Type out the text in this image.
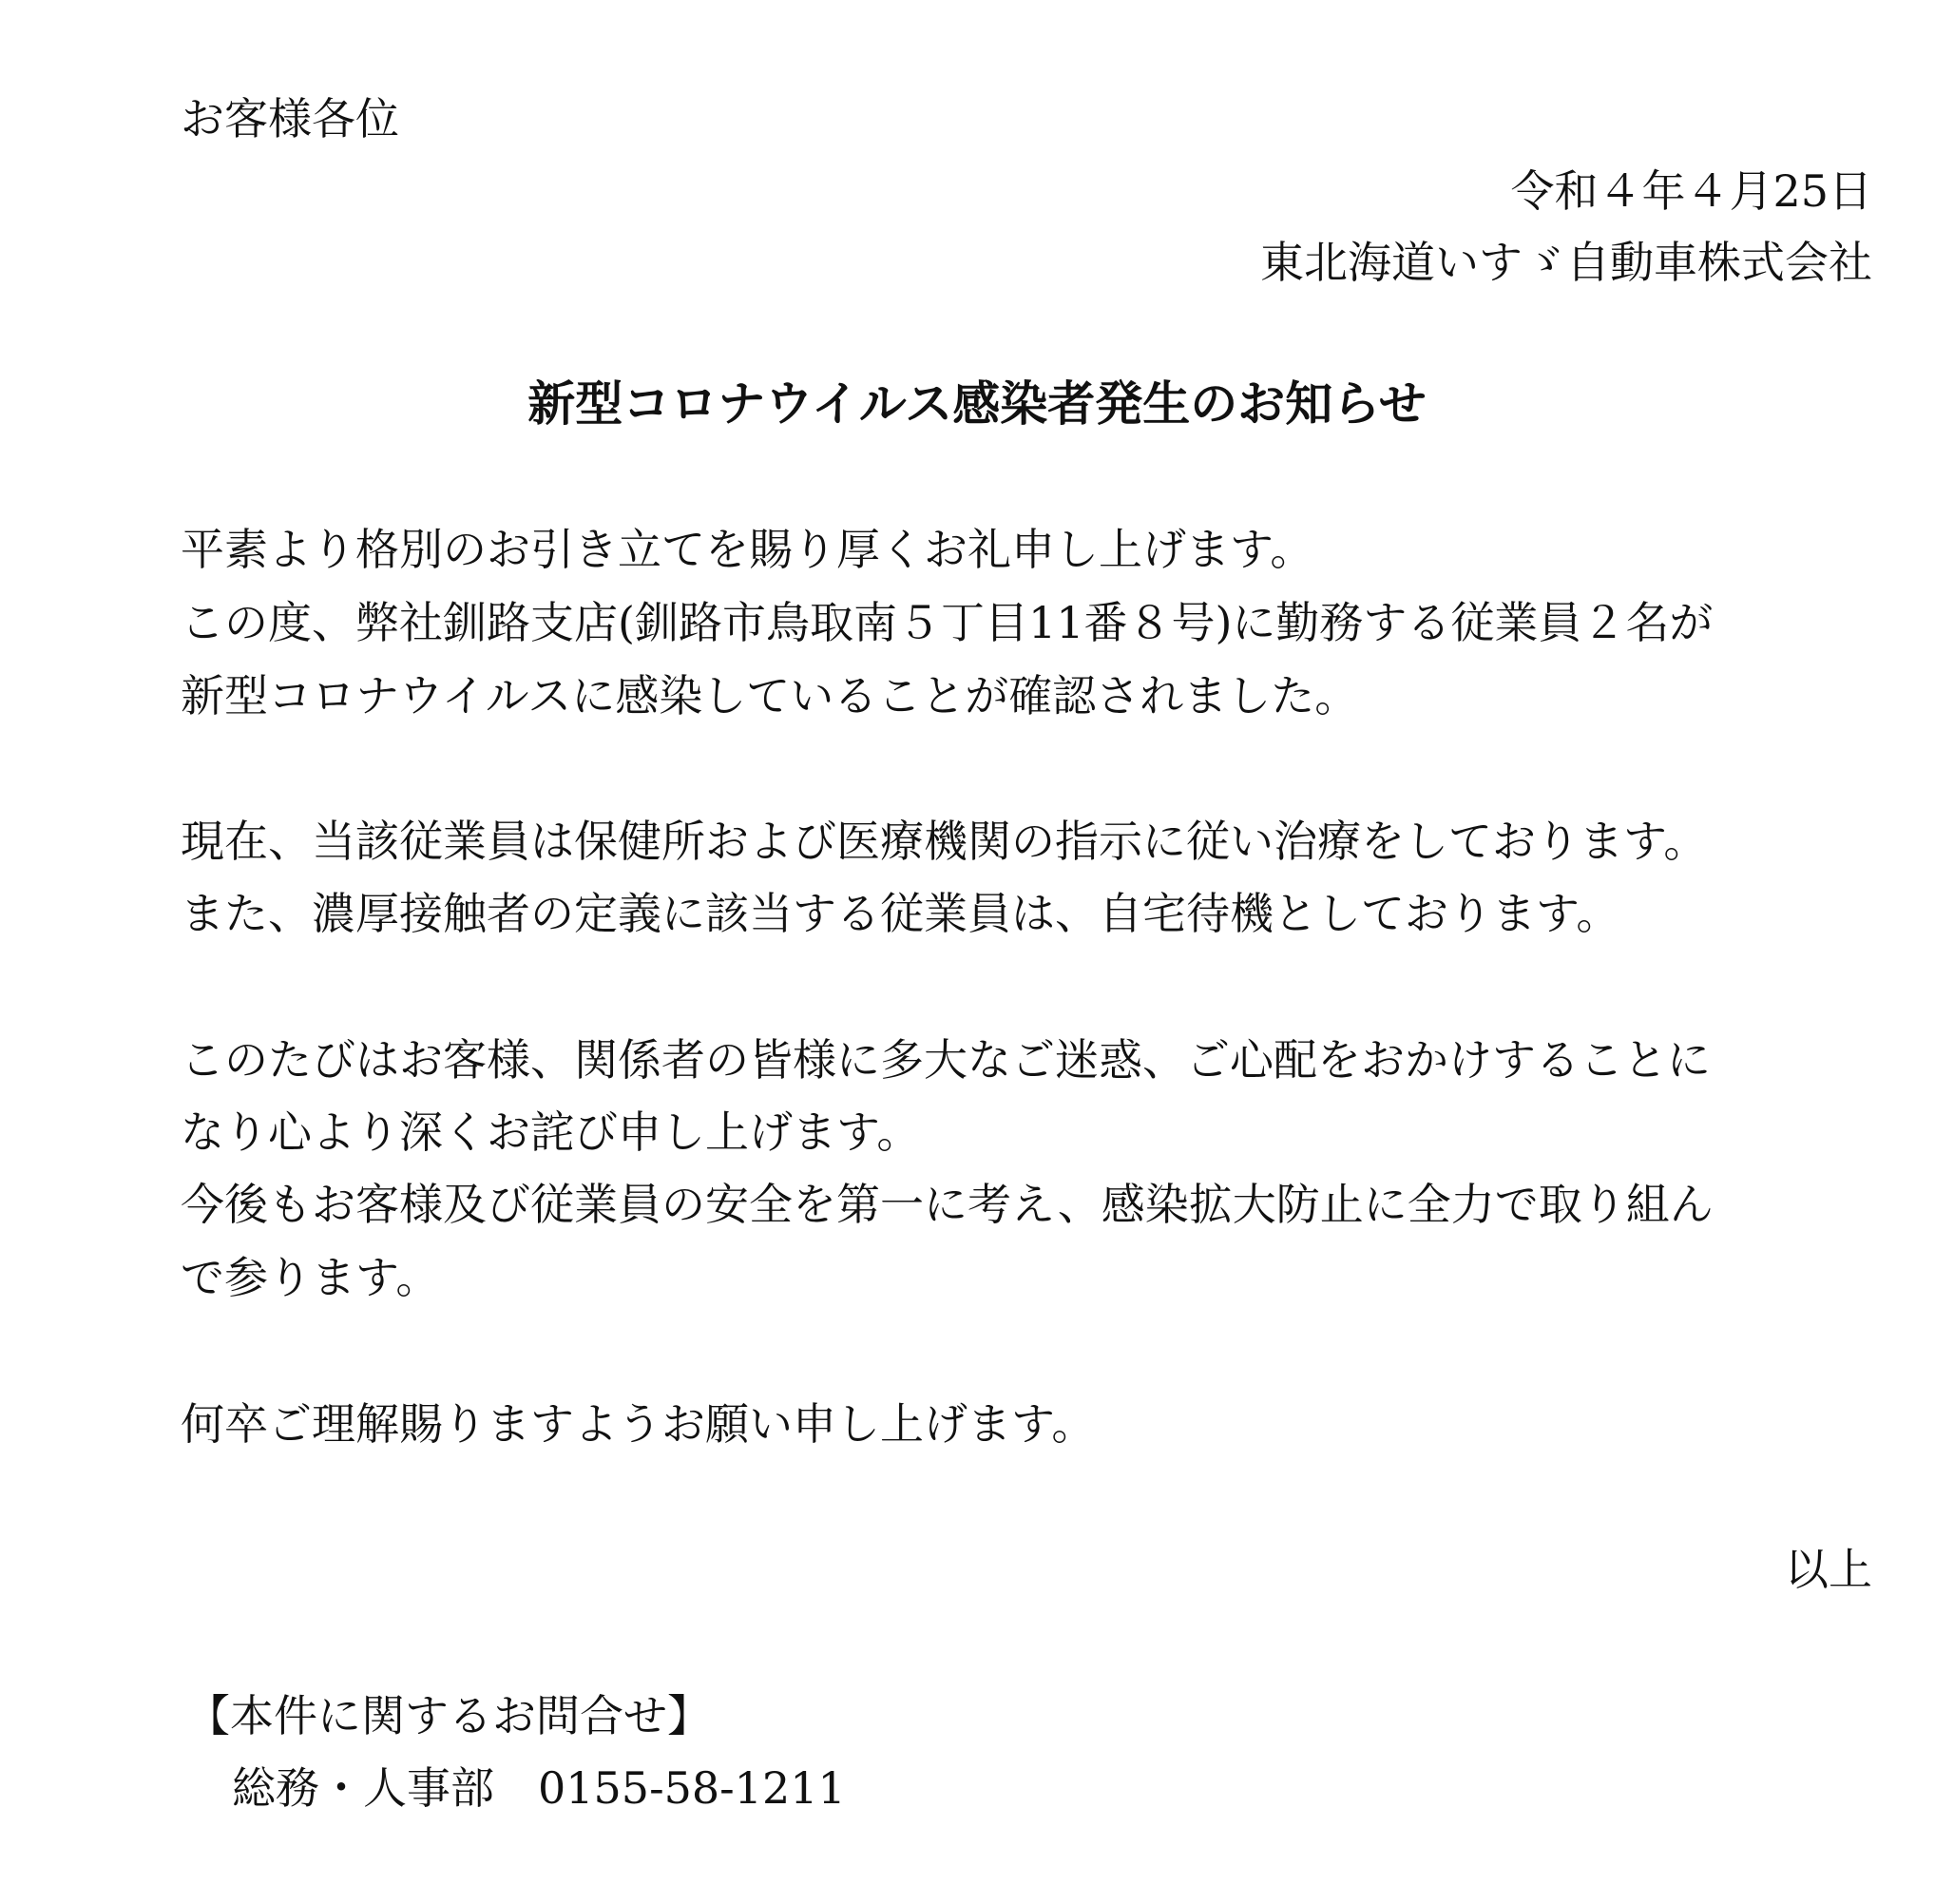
お客様各位
令和４年４月25日
東北海道いすゞ自動車株式会社
新型コロナウイルス感染者発生のお知らせ
平素より格別のお引き立てを賜り厚くお礼申し上げます。
この度、弊社釧路支店(釧路市鳥取南５丁目11番８号)に勤務する従業員２名が
新型コロナウイルスに感染していることが確認されました。
現在、当該従業員は保健所および医療機関の指示に従い治療をしております。
また、濃厚接触者の定義に該当する従業員は、自宅待機としております。
このたびはお客様、関係者の皆様に多大なご迷惑、ご心配をおかけすることに
なり心より深くお詫び申し上げます。
今後もお客様及び従業員の安全を第一に考え、感染拡大防止に全力で取り組ん
で参ります。
何卒ご理解賜りますようお願い申し上げます。
以上
【本件に関するお問合せ】
総務・人事部　0155-58-1211
